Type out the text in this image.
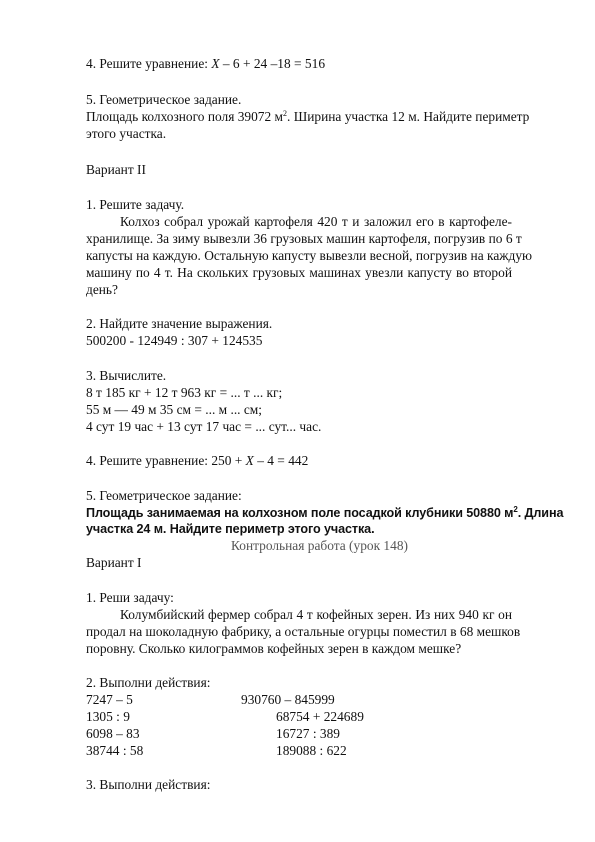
4. Решите уравнение: X – 6 + 24 –18 = 516
5. Геометрическое задание.
Площадь колхозного поля 39072 $м^2$. Ширина участка 12 м. Найдите периметр
этого участка.
Вариант II
1. Решите задачу.
Колхоз собрал урожай картофеля 420 т и заложил его в картофеле-
хранилище. За зиму вывезли 36 грузовых машин картофеля, погрузив по 6 т
капусты на каждую. Остальную капусту вывезли весной, погрузив на каждую
машину по 4 т. На скольких грузовых машинах увезли капусту во второй
день?
2. Найдите значение выражения.
500200 - 124949 : 307 + 124535
3. Вычислите.
8 т 185 кг + 12 т 963 кг = ... т ... кг;
55 м — 49 м 35 см = ... м ... см;
4 сут 19 час + 13 сут 17 час = ... сут... час.
4. Решите уравнение: 250 + X – 4 = 442
5. Геометрическое задание:
Площадь занимаемая на колхозном поле посадкой клубники 50880 $м^2$. Длина
участка 24 м. Найдите периметр этого участка.
Контрольная работа (урок 148)
Вариант I
1. Реши задачу:
Колумбийский фермер собрал 4 т кофейных зерен. Из них 940 кг он
продал на шоколадную фабрику, а остальные огурцы поместил в 68 мешков
поровну. Сколько килограммов кофейных зерен в каждом мешке?
2. Выполни действия:
7247 – 5
1305 : 9
6098 – 83
38744 : 58
930760 – 845999
68754 + 224689
16727 : 389
189088 : 622
3. Выполни действия:
